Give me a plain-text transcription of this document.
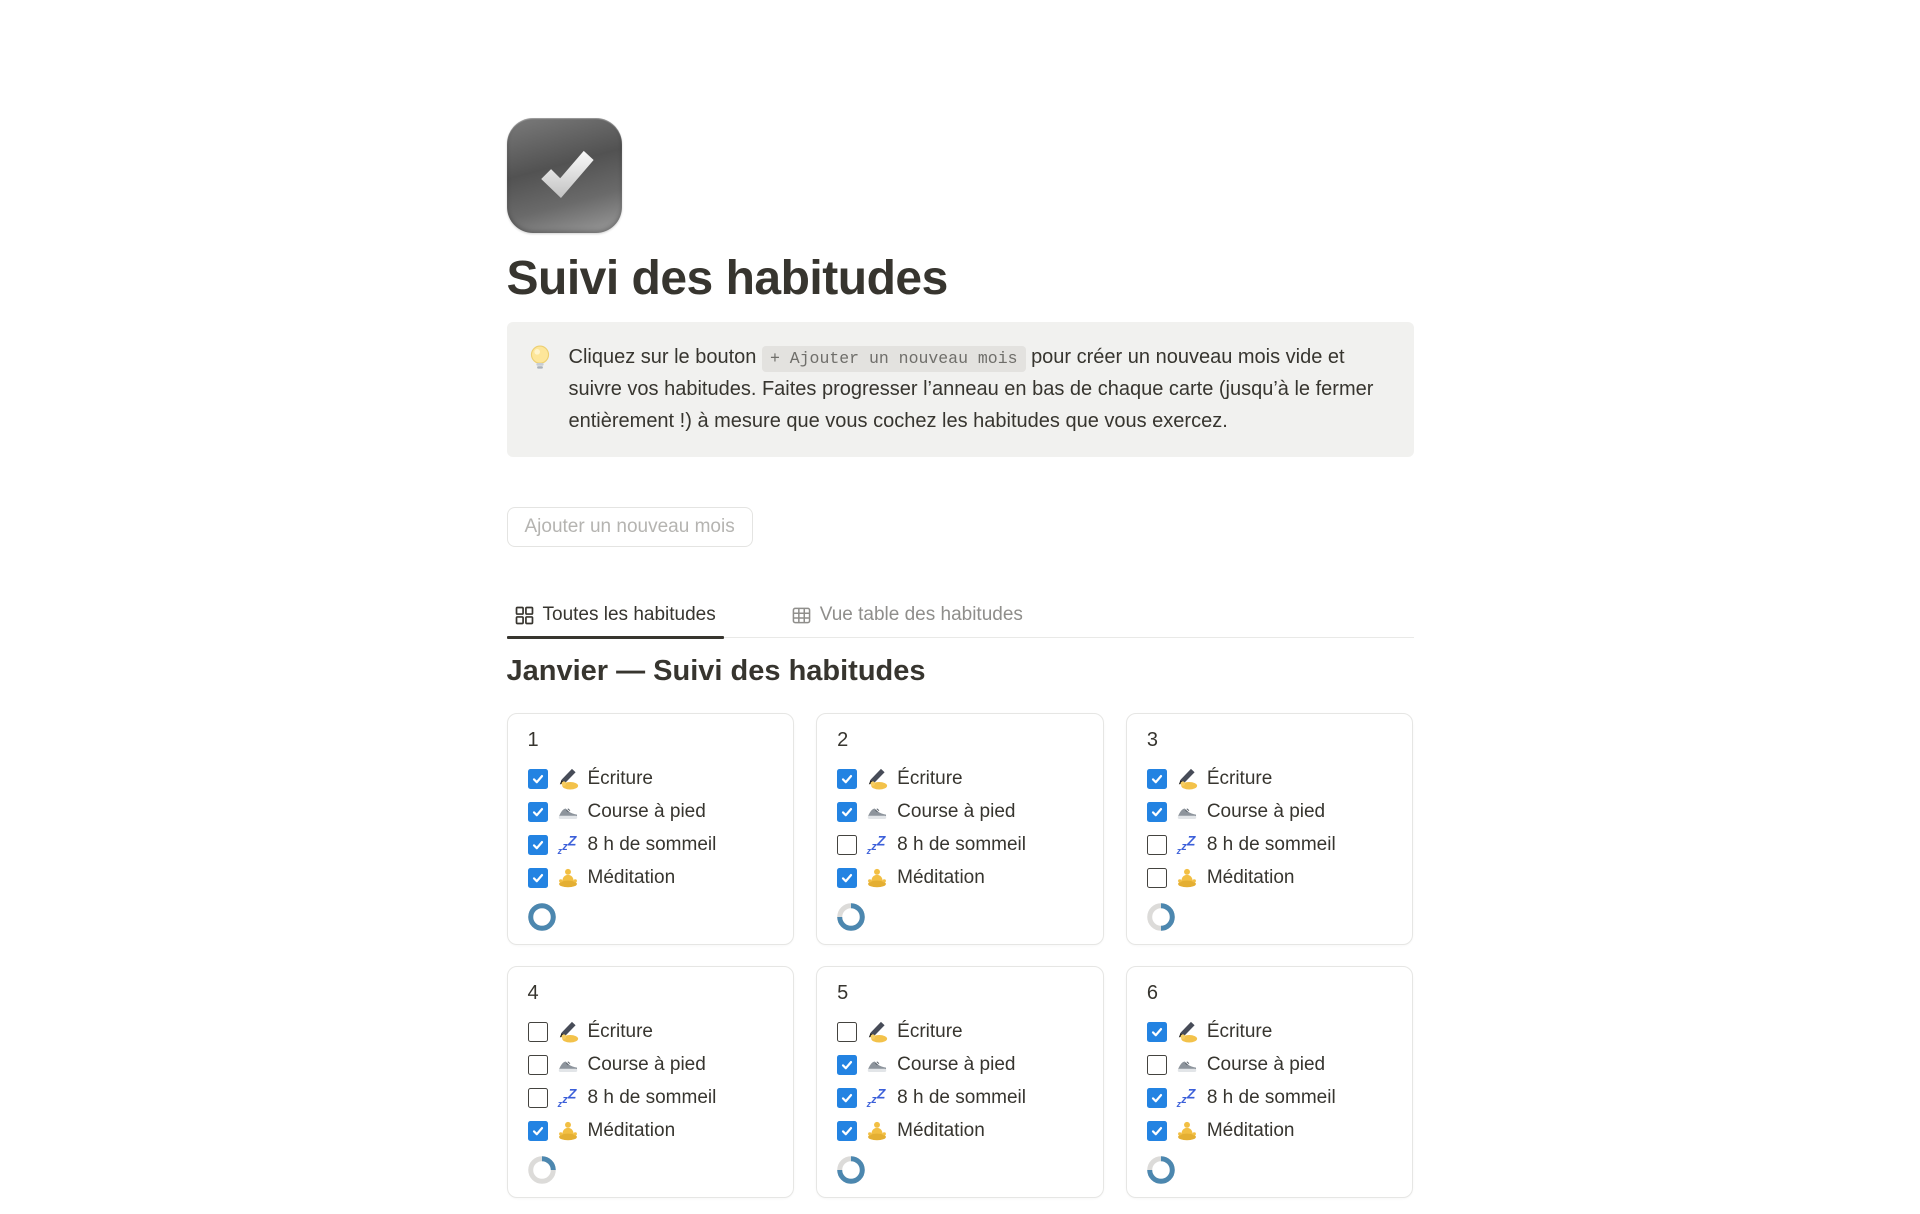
Suivi des habitudes

Cliquez sur le bouton + Ajouter un nouveau mois pour créer un nouveau mois vide et suivre vos habitudes. Faites progresser l’anneau en bas de chaque carte (jusqu’à le fermer entièrement !) à mesure que vous cochez les habitudes que vous exercez.

Ajouter un nouveau mois
Toutes les habitudes	Vue table des habitudes
Janvier — Suivi des habitudes
1
Écriture
Course à pied
z z Z 8 h de sommeil
Méditation
2
Écriture
Course à pied
z z Z 8 h de sommeil
Méditation
3
Écriture
Course à pied
z z Z 8 h de sommeil
Méditation
4
Écriture
Course à pied
z z Z 8 h de sommeil
Méditation
5
Écriture
Course à pied
z z Z 8 h de sommeil
Méditation
6
Écriture
Course à pied
z z Z 8 h de sommeil
Méditation
